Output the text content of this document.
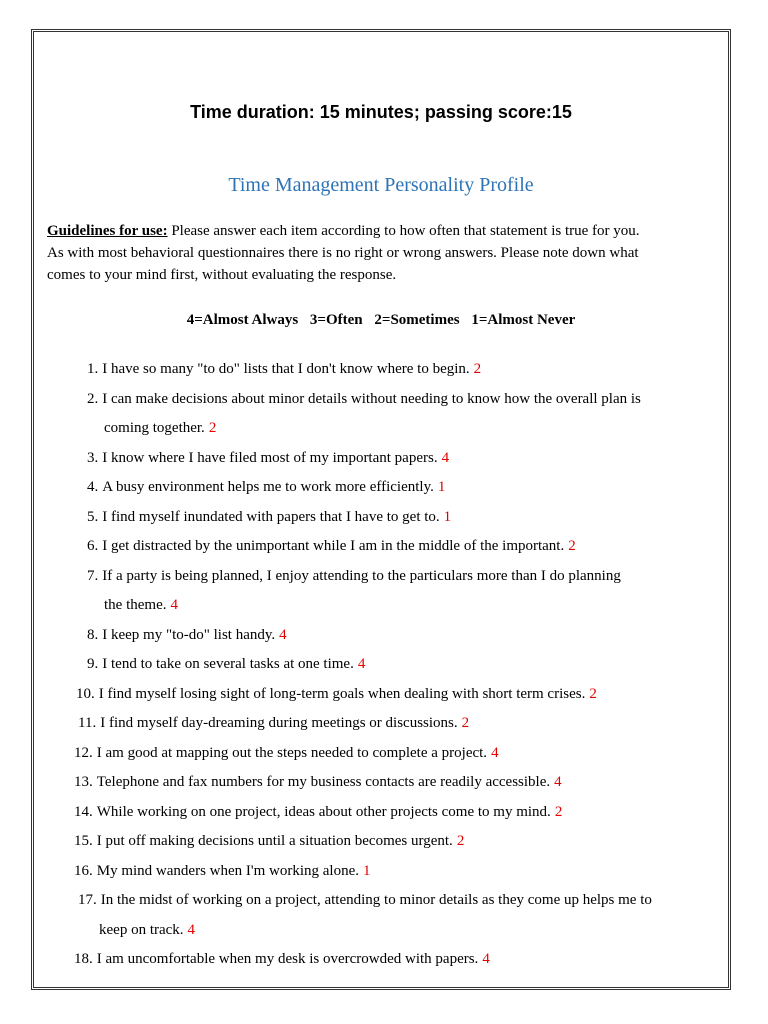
Time duration: 15 minutes; passing score:15
Time Management Personality Profile
Guidelines for use: Please answer each item according to how often that statement is true for you.
As with most behavioral questionnaires there is no right or wrong answers. Please note down what
comes to your mind first, without evaluating the response.
4=Almost Always 3=Often 2=Sometimes 1=Almost Never
1. I have so many "to do" lists that I don't know where to begin. 2
2. I can make decisions about minor details without needing to know how the overall plan is
coming together. 2
3. I know where I have filed most of my important papers. 4
4. A busy environment helps me to work more efficiently. 1
5. I find myself inundated with papers that I have to get to. 1
6. I get distracted by the unimportant while I am in the middle of the important. 2
7. If a party is being planned, I enjoy attending to the particulars more than I do planning
the theme. 4
8. I keep my "to-do" list handy. 4
9. I tend to take on several tasks at one time. 4
10. I find myself losing sight of long-term goals when dealing with short term crises. 2
11. I find myself day-dreaming during meetings or discussions. 2
12. I am good at mapping out the steps needed to complete a project. 4
13. Telephone and fax numbers for my business contacts are readily accessible. 4
14. While working on one project, ideas about other projects come to my mind. 2
15. I put off making decisions until a situation becomes urgent. 2
16. My mind wanders when I'm working alone. 1
17. In the midst of working on a project, attending to minor details as they come up helps me to
keep on track. 4
18. I am uncomfortable when my desk is overcrowded with papers. 4
